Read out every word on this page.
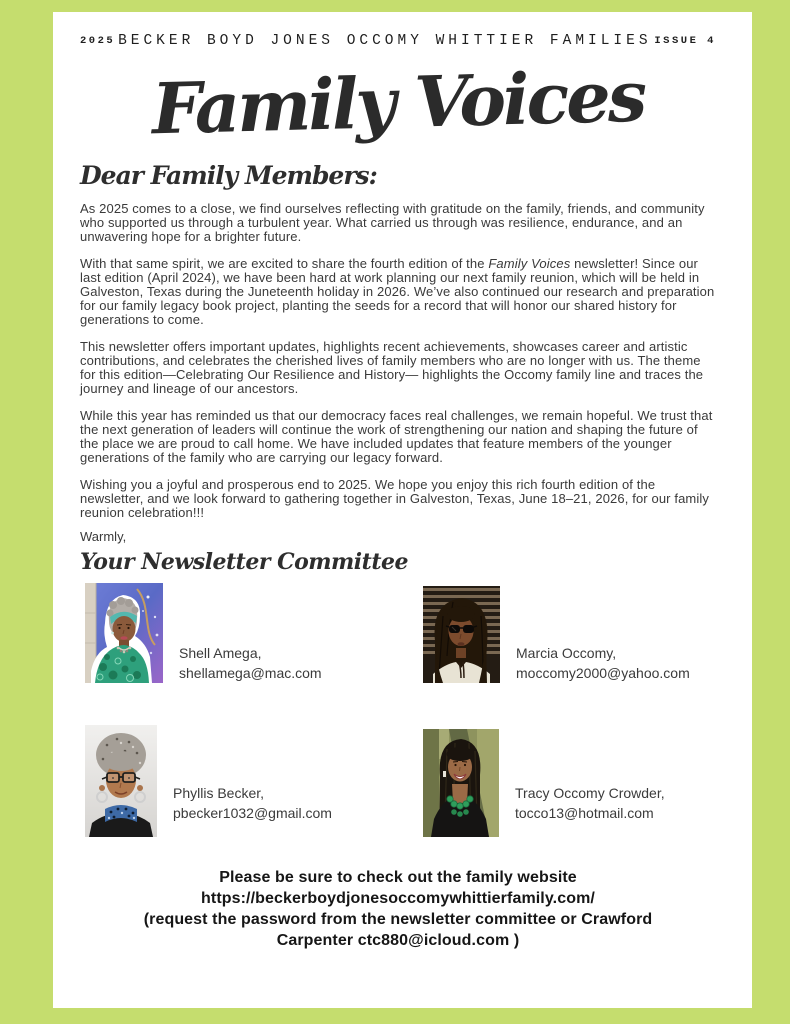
2025 BECKER BOYD JONES OCCOMY WHITTIER FAMILIES ISSUE 4
Family Voices
Dear Family Members:

As 2025 comes to a close, we find ourselves reflecting with gratitude on the family, friends, and community who supported us through a turbulent year. What carried us through was resilience, endurance, and an unwavering hope for a brighter future.

With that same spirit, we are excited to share the fourth edition of the Family Voices newsletter! Since our last edition (April 2024), we have been hard at work planning our next family reunion, which will be held in Galveston, Texas during the Juneteenth holiday in 2026. We’ve also continued our research and preparation for our family legacy book project, planting the seeds for a record that will honor our shared history for generations to come.

This newsletter offers important updates, highlights recent achievements, showcases career and artistic contributions, and celebrates the cherished lives of family members who are no longer with us. The theme for this edition—Celebrating Our Resilience and History— highlights the Occomy family line and traces the journey and lineage of our ancestors.

While this year has reminded us that our democracy faces real challenges, we remain hopeful. We trust that the next generation of leaders will continue the work of strengthening our nation and shaping the future of the place we are proud to call home. We have included updates that feature members of the younger generations of the family who are carrying our legacy forward.

Wishing you a joyful and prosperous end to 2025. We hope you enjoy this rich fourth edition of the newsletter, and we look forward to gathering together in Galveston, Texas, June 18–21, 2026, for our family reunion celebration!!!

Warmly,

Your Newsletter Committee
Shell Amega,
shellamega@mac.com
Marcia Occomy,
moccomy2000@yahoo.com
Phyllis Becker,
pbecker1032@gmail.com
Tracy Occomy Crowder,
tocco13@hotmail.com
Please be sure to check out the family website
https://beckerboydjonesoccomywhittierfamily.com/
(request the password from the newsletter committee or Crawford
Carpenter ctc880@icloud.com )
